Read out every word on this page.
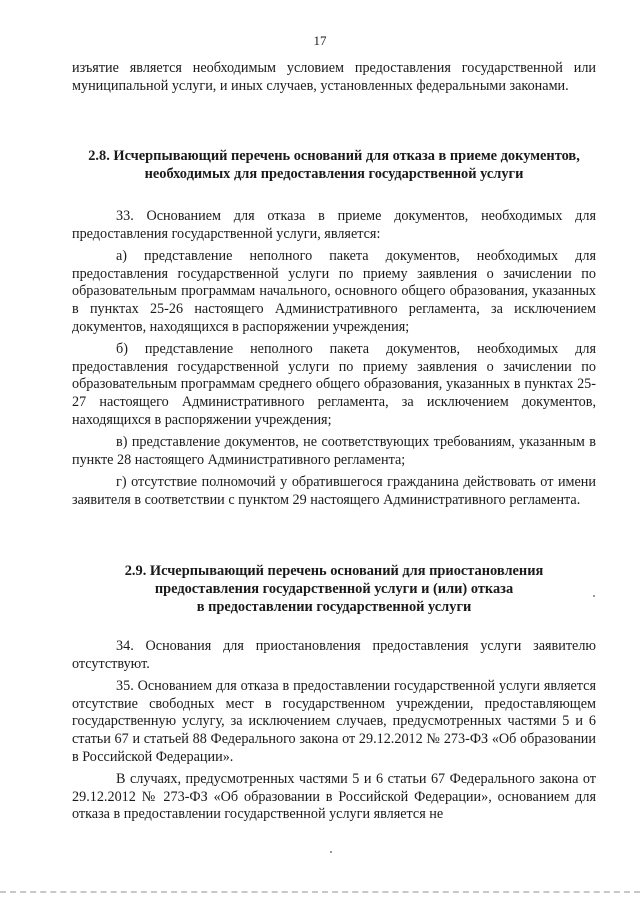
17

изъятие является необходимым условием предоставления государственной или муниципальной услуги, и иных случаев, установленных федеральными законами.

2.8. Исчерпывающий перечень оснований для отказа в приеме документов,
необходимых для предоставления государственной услуги

33. Основанием для отказа в приеме документов, необходимых для предоставления государственной услуги, является:

а) представление неполного пакета документов, необходимых для предоставления государственной услуги по приему заявления о зачислении по образовательным программам начального, основного общего образования, указанных в пунктах 25-26 настоящего Административного регламента, за исключением документов, находящихся в распоряжении учреждения;

б) представление неполного пакета документов, необходимых для предоставления государственной услуги по приему заявления о зачислении по образовательным программам среднего общего образования, указанных в пунктах 25-27 настоящего Административного регламента, за исключением документов, находящихся в распоряжении учреждения;

в) представление документов, не соответствующих требованиям, указанным в пункте 28 настоящего Административного регламента;

г) отсутствие полномочий у обратившегося гражданина действовать от имени заявителя в соответствии с пунктом 29 настоящего Административного регламента.

2.9. Исчерпывающий перечень оснований для приостановления
предоставления государственной услуги и (или) отказа
в предоставлении государственной услуги

34. Основания для приостановления предоставления услуги заявителю отсутствуют.

35. Основанием для отказа в предоставлении государственной услуги является отсутствие свободных мест в государственном учреждении, предоставляющем государственную услугу, за исключением случаев, предусмотренных частями 5 и 6 статьи 67 и статьей 88 Федерального закона от 29.12.2012 № 273-ФЗ «Об образовании в Российской Федерации».

В случаях, предусмотренных частями 5 и 6 статьи 67 Федерального закона от 29.12.2012 № 273-ФЗ «Об образовании в Российской Федерации», основанием для отказа в предоставлении государственной услуги является не
